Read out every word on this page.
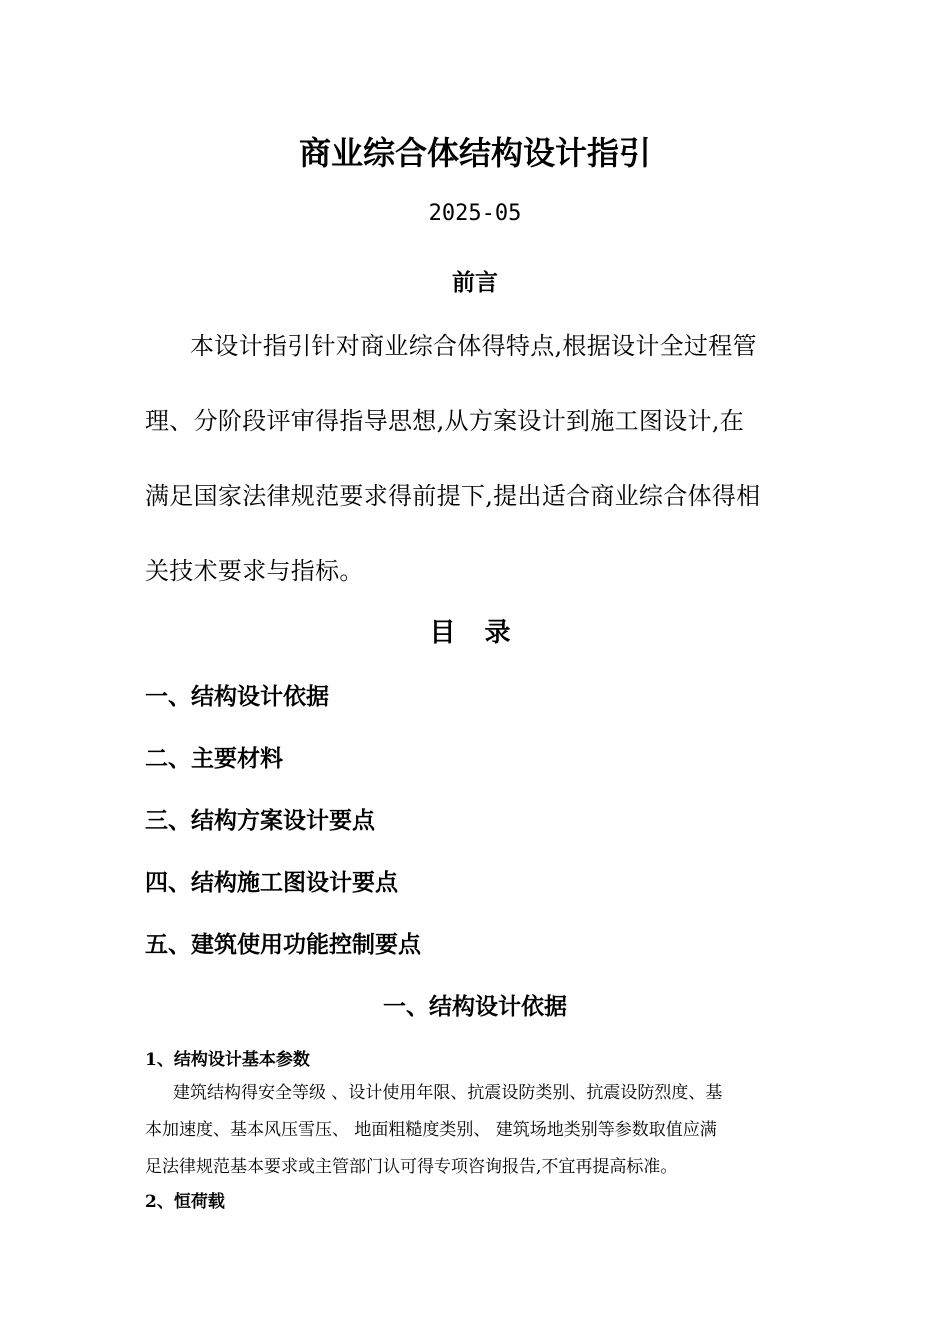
商业综合体结构设计指引
2025-05
前言
本设计指引针对商业综合体得特点,根据设计全过程管
理、分阶段评审得指导思想,从方案设计到施工图设计,在
满足国家法律规范要求得前提下,提出适合商业综合体得相
关技术要求与指标。
目 录
一、结构设计依据
二、主要材料
三、结构方案设计要点
四、结构施工图设计要点
五、建筑使用功能控制要点
一、结构设计依据
1、结构设计基本参数
建筑结构得安全等级 、设计使用年限、抗震设防类别、抗震设防烈度、基
本加速度、基本风压雪压、 地面粗糙度类别、 建筑场地类别等参数取值应满
足法律规范基本要求或主管部门认可得专项咨询报告,不宜再提高标准。
2、恒荷载
